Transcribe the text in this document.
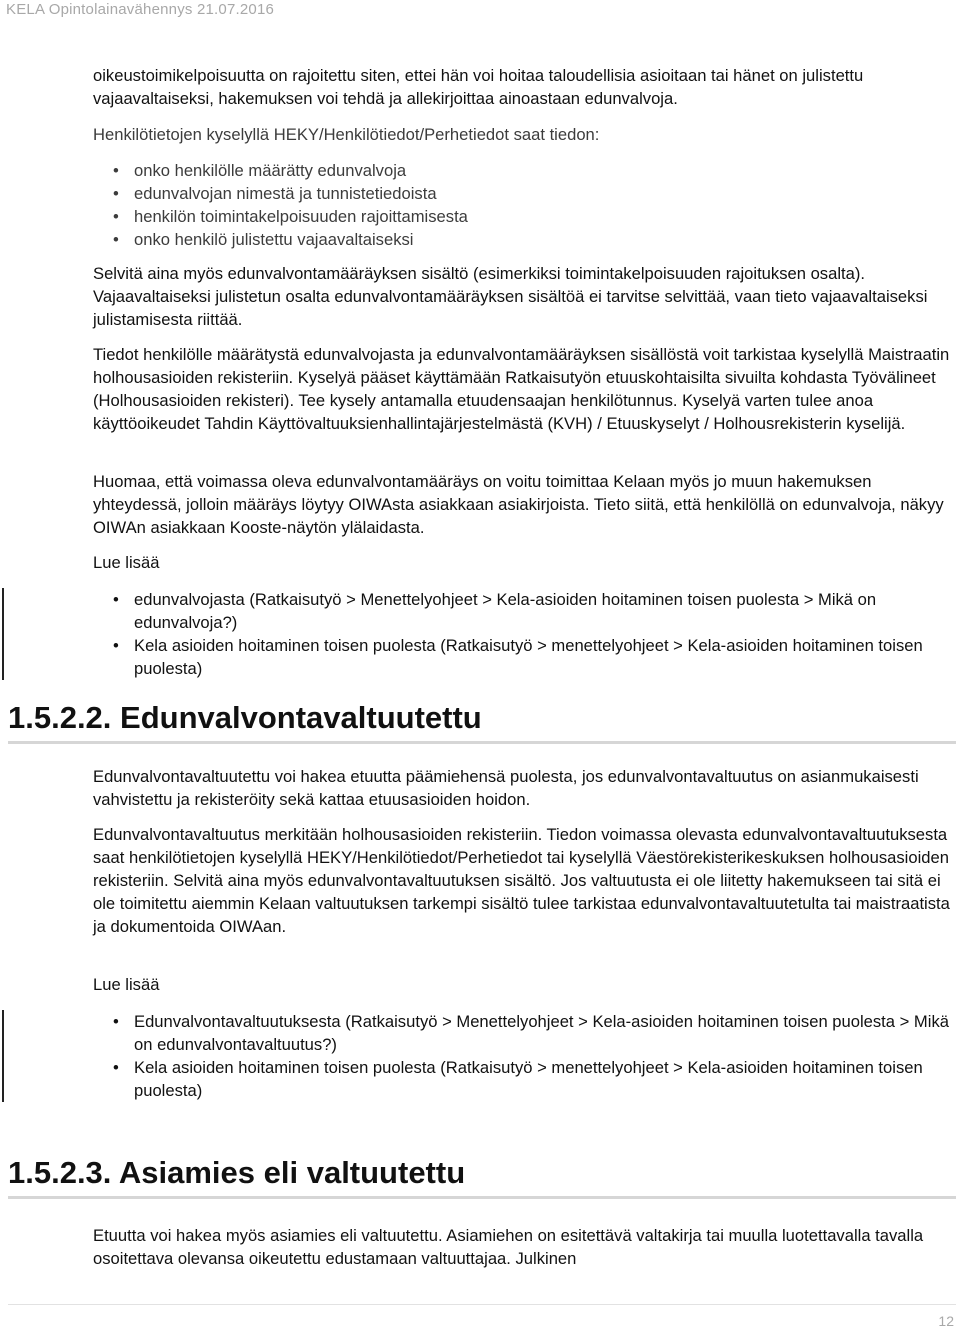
KELA Opintolainavähennys 21.07.2016

oikeustoimikelpoisuutta on rajoitettu siten, ettei hän voi hoitaa taloudellisia asioitaan tai hänet on julistettu vajaavaltaiseksi, hakemuksen voi tehdä ja allekirjoittaa ainoastaan edunvalvoja.

Henkilötietojen kyselyllä HEKY/Henkilötiedot/Perhetiedot saat tiedon:

• onko henkilölle määrätty edunvalvoja
• edunvalvojan nimestä ja tunnistetiedoista
• henkilön toimintakelpoisuuden rajoittamisesta
• onko henkilö julistettu vajaavaltaiseksi

Selvitä aina myös edunvalvontamääräyksen sisältö (esimerkiksi toimintakelpoisuuden rajoituksen osalta). Vajaavaltaiseksi julistetun osalta edunvalvontamääräyksen sisältöä ei tarvitse selvittää, vaan tieto vajaavaltaiseksi julistamisesta riittää.

Tiedot henkilölle määrätystä edunvalvojasta ja edunvalvontamääräyksen sisällöstä voit tarkistaa kyselyllä Maistraatin holhousasioiden rekisteriin. Kyselyä pääset käyttämään Ratkaisutyön etuuskohtaisilta sivuilta kohdasta Työvälineet (Holhousasioiden rekisteri). Tee kysely antamalla etuudensaajan henkilötunnus. Kyselyä varten tulee anoa käyttöoikeudet Tahdin Käyttövaltuuksienhallintajärjestelmästä (KVH) / Etuuskyselyt / Holhousrekisterin kyselijä.

Huomaa, että voimassa oleva edunvalvontamääräys on voitu toimittaa Kelaan myös jo muun hakemuksen yhteydessä, jolloin määräys löytyy OIWAsta asiakkaan asiakirjoista. Tieto siitä, että henkilöllä on edunvalvoja, näkyy OIWAn asiakkaan Kooste-näytön ylälaidasta.

Lue lisää

• edunvalvojasta (Ratkaisutyö > Menettelyohjeet > Kela-asioiden hoitaminen toisen puolesta > Mikä on edunvalvoja?)
• Kela asioiden hoitaminen toisen puolesta (Ratkaisutyö > menettelyohjeet > Kela-asioiden hoitaminen toisen puolesta)
1.5.2.2. Edunvalvontavaltuutettu

Edunvalvontavaltuutettu voi hakea etuutta päämiehensä puolesta, jos edunvalvontavaltuutus on asianmukaisesti vahvistettu ja rekisteröity sekä kattaa etuusasioiden hoidon.

Edunvalvontavaltuutus merkitään holhousasioiden rekisteriin. Tiedon voimassa olevasta edunvalvontavaltuutuksesta saat henkilötietojen kyselyllä HEKY/Henkilötiedot/Perhetiedot tai kyselyllä Väestörekisterikeskuksen holhousasioiden rekisteriin. Selvitä aina myös edunvalvontavaltuutuksen sisältö. Jos valtuutusta ei ole liitetty hakemukseen tai sitä ei ole toimitettu aiemmin Kelaan valtuutuksen tarkempi sisältö tulee tarkistaa edunvalvontavaltuutetulta tai maistraatista ja dokumentoida OIWAan.

Lue lisää

• Edunvalvontavaltuutuksesta (Ratkaisutyö > Menettelyohjeet > Kela-asioiden hoitaminen toisen puolesta > Mikä on edunvalvontavaltuutus?)
• Kela asioiden hoitaminen toisen puolesta (Ratkaisutyö > menettelyohjeet > Kela-asioiden hoitaminen toisen puolesta)
1.5.2.3. Asiamies eli valtuutettu

Etuutta voi hakea myös asiamies eli valtuutettu. Asiamiehen on esitettävä valtakirja tai muulla luotettavalla tavalla osoitettava olevansa oikeutettu edustamaan valtuuttajaa. Julkinen

12
